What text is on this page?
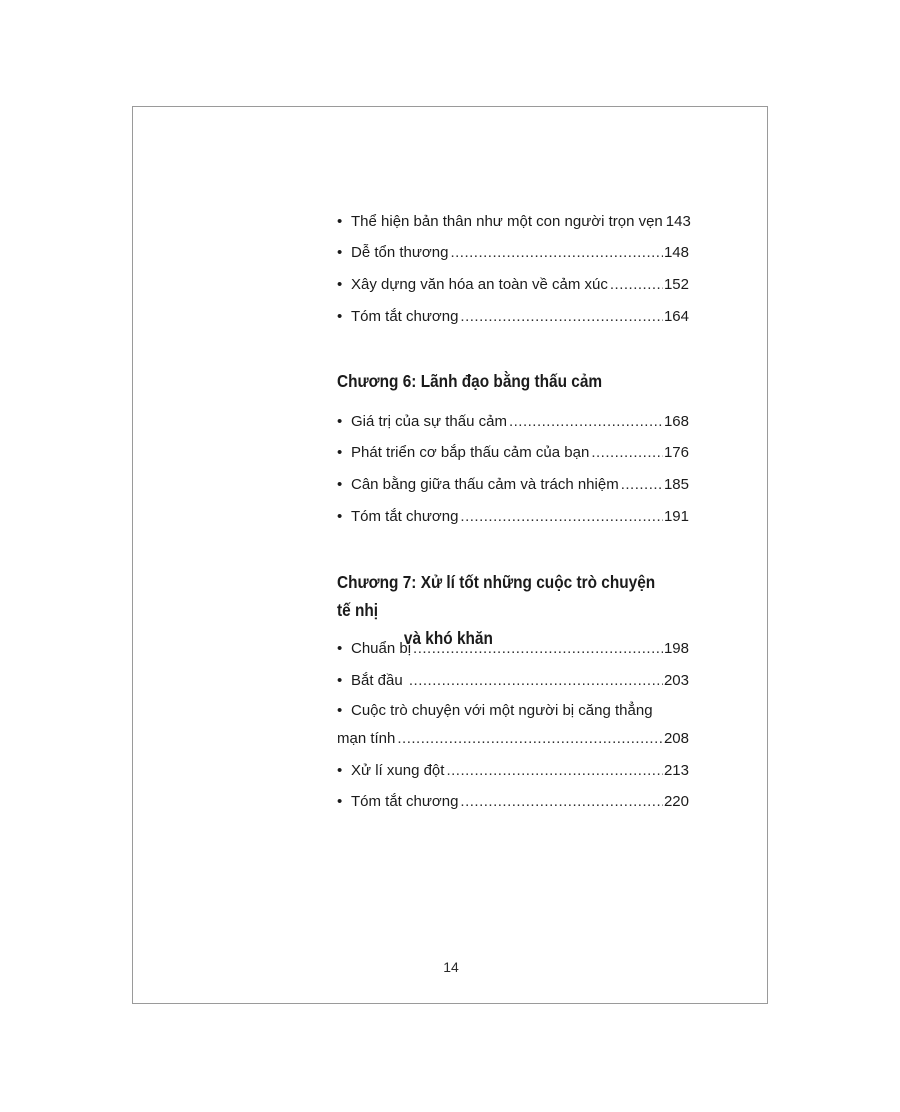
• Thể hiện bản thân như một con người trọn vẹn 143
• Dễ tổn thương .....	148
• Xây dựng văn hóa an toàn về cảm xúc .....	152
• Tóm tắt chương .....	164
Chương 6: Lãnh đạo bằng thấu cảm
• Giá trị của sự thấu cảm .....	168
• Phát triển cơ bắp thấu cảm của bạn .....	176
• Cân bằng giữa thấu cảm và trách nhiệm .....	185
• Tóm tắt chương .....	191
Chương 7: Xử lí tốt những cuộc trò chuyện tế nhị
và khó khăn
• Chuẩn bị .....	198
• Bắt đầu .....	203
• Cuộc trò chuyện với một người bị căng thẳng
mạn tính .....	208
• Xử lí xung đột .....	213
• Tóm tắt chương .....	220
14
